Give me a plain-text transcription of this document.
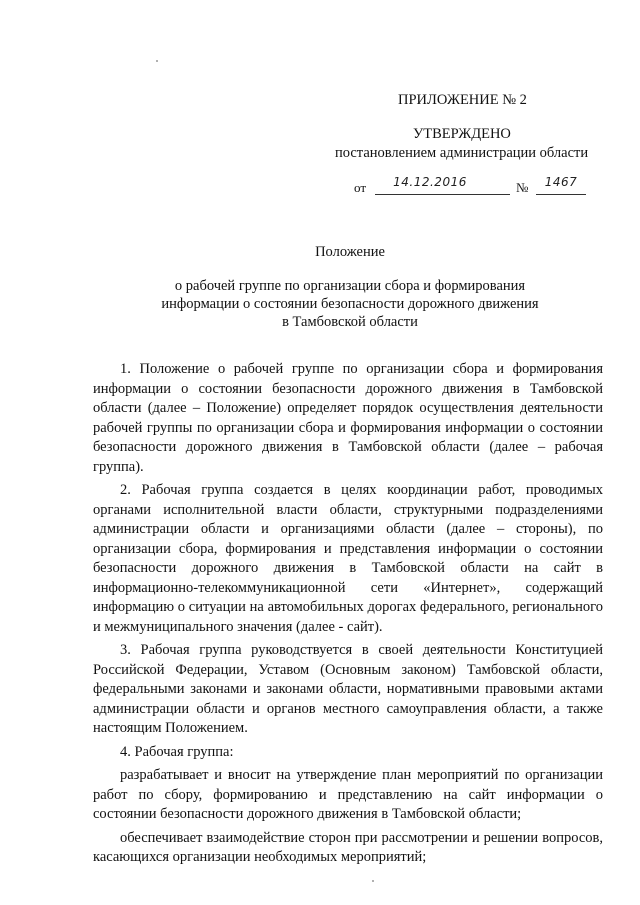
ПРИЛОЖЕНИЕ № 2
УТВЕРЖДЕНО
постановлением администрации области
от	14.12.2016	№	1467
Положение
о рабочей группе по организации сбора и формирования
информации о состоянии безопасности дорожного движения
в Тамбовской области

1. Положение о рабочей группе по организации сбора и формирования информации о состоянии безопасности дорожного движения в Тамбовской области (далее – Положение) определяет порядок осуществления деятельности рабочей группы по организации сбора и формирования информации о состоянии безопасности дорожного движения в Тамбовской области (далее – рабочая группа).

2. Рабочая группа создается в целях координации работ, проводимых органами исполнительной власти области, структурными подразделениями администрации области и организациями области (далее – стороны), по организации сбора, формирования и представления информации о состоянии безопасности дорожного движения в Тамбовской области на сайт в информационно-телекоммуникационной сети «Интернет», содержащий информацию о ситуации на автомобильных дорогах федерального, регионального и межмуниципального значения (далее - сайт).

3. Рабочая группа руководствуется в своей деятельности Конституцией Российской Федерации, Уставом (Основным законом) Тамбовской области, федеральными законами и законами области, нормативными правовыми актами администрации области и органов местного самоуправления области, а также настоящим Положением.

4. Рабочая группа:

разрабатывает и вносит на утверждение план мероприятий по организации работ по сбору, формированию и представлению на сайт информации о состоянии безопасности дорожного движения в Тамбовской области;

обеспечивает взаимодействие сторон при рассмотрении и решении вопросов, касающихся организации необходимых мероприятий;
